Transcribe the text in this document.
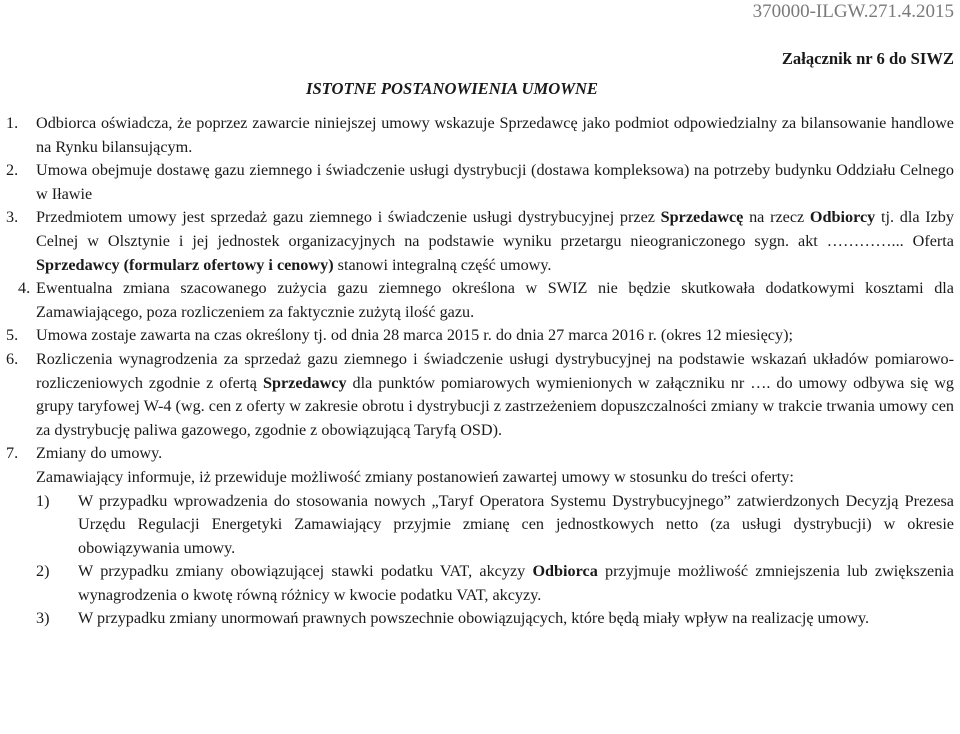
370000-ILGW.271.4.2015
Załącznik nr 6 do SIWZ
ISTOTNE POSTANOWIENIA UMOWNE
1. Odbiorca oświadcza, że poprzez zawarcie niniejszej umowy wskazuje Sprzedawcę jako podmiot odpowiedzialny za bilansowanie handlowe na Rynku bilansującym.
2. Umowa obejmuje dostawę gazu ziemnego i świadczenie usługi dystrybucji (dostawa kompleksowa) na potrzeby budynku Oddziału Celnego w Iławie
3. Przedmiotem umowy jest sprzedaż gazu ziemnego i świadczenie usługi dystrybucyjnej przez Sprzedawcę na rzecz Odbiorcy tj. dla Izby Celnej w Olsztynie i jej jednostek organizacyjnych na podstawie wyniku przetargu nieograniczonego sygn. akt …………... Oferta Sprzedawcy (formularz ofertowy i cenowy) stanowi integralną część umowy.
4. Ewentualna zmiana szacowanego zużycia gazu ziemnego określona w SWIZ nie będzie skutkowała dodatkowymi kosztami dla Zamawiającego, poza rozliczeniem za faktycznie zużytą ilość gazu.
5. Umowa zostaje zawarta na czas określony tj. od dnia 28 marca 2015 r. do dnia 27 marca 2016 r. (okres 12 miesięcy);
6. Rozliczenia wynagrodzenia za sprzedaż gazu ziemnego i świadczenie usługi dystrybucyjnej na podstawie wskazań układów pomiarowo-rozliczeniowych zgodnie z ofertą Sprzedawcy dla punktów pomiarowych wymienionych w załączniku nr …. do umowy odbywa się wg grupy taryfowej W-4 (wg. cen z oferty w zakresie obrotu i dystrybucji z zastrzeżeniem dopuszczalności zmiany w trakcie trwania umowy cen za dystrybucję paliwa gazowego, zgodnie z obowiązującą Taryfą OSD).
7. Zmiany do umowy.
Zamawiający informuje, iż przewiduje możliwość zmiany postanowień zawartej umowy w stosunku do treści oferty:
1) W przypadku wprowadzenia do stosowania nowych „Taryf Operatora Systemu Dystrybucyjnego” zatwierdzonych Decyzją Prezesa Urzędu Regulacji Energetyki Zamawiający przyjmie zmianę cen jednostkowych netto (za usługi dystrybucji) w okresie obowiązywania umowy.
2) W przypadku zmiany obowiązującej stawki podatku VAT, akcyzy Odbiorca przyjmuje możliwość zmniejszenia lub zwiększenia wynagrodzenia o kwotę równą różnicy w kwocie podatku VAT, akcyzy.
3) W przypadku zmiany unormowań prawnych powszechnie obowiązujących, które będą miały wpływ na realizację umowy.
